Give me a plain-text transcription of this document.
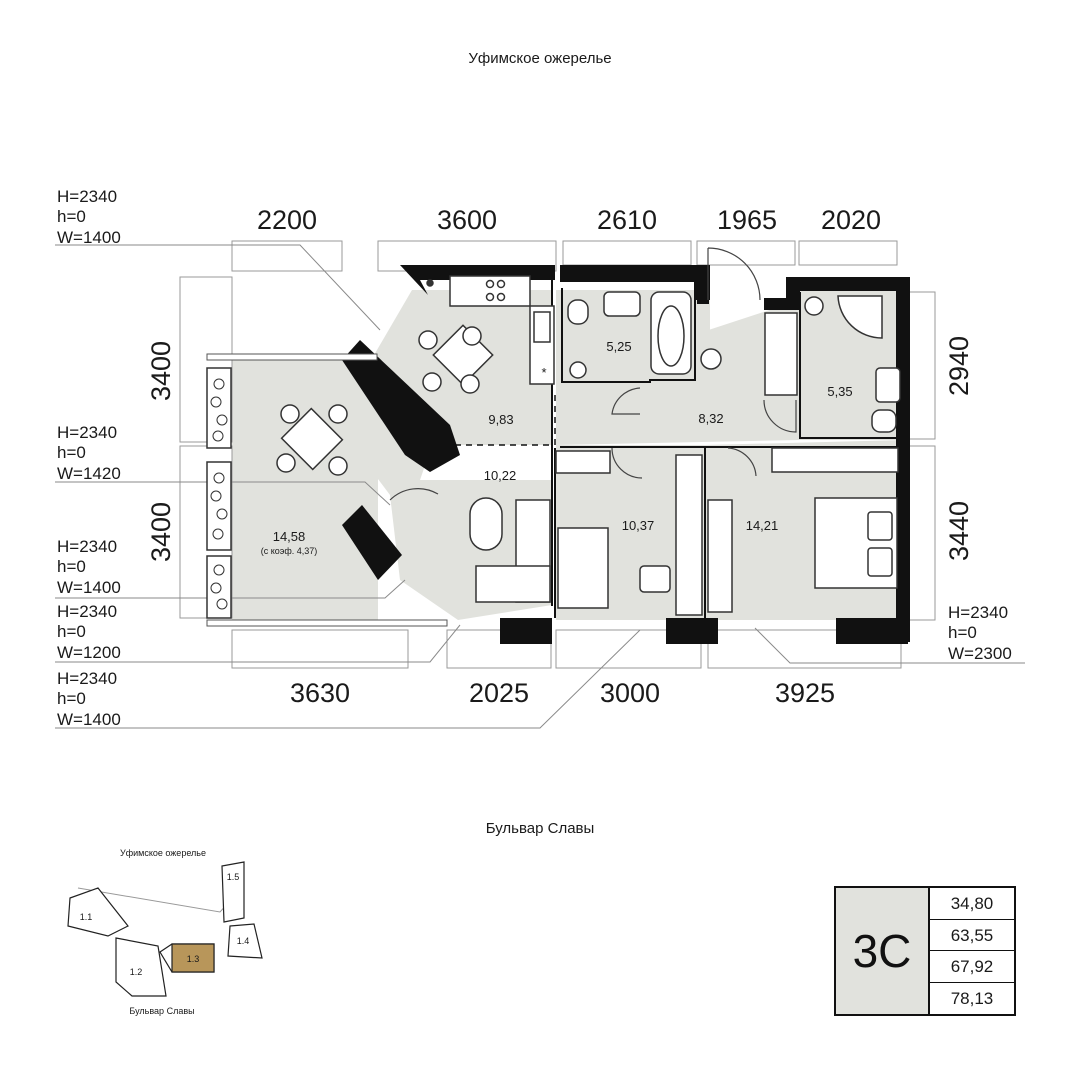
Уфимское ожерелье
Бульвар Славы
*
2200	3600	2610 1965 2020
3630	2025	3000	3925
3400
3400
2940
3440
H=2340
h=0
W=1400
H=2340
h=0
W=1420
H=2340
h=0
W=1400
H=2340
h=0
W=1200
H=2340
h=0
W=1400
H=2340
h=0
W=2300
9,83
5,25
8,32
5,35
10,22
10,37	14,21
14,58
(с коэф. 4,37)
Уфимское ожерелье
Бульвар Славы
1.1
1.2
1.3
1.4
1.5
3С
34,80
63,55
67,92
78,13
